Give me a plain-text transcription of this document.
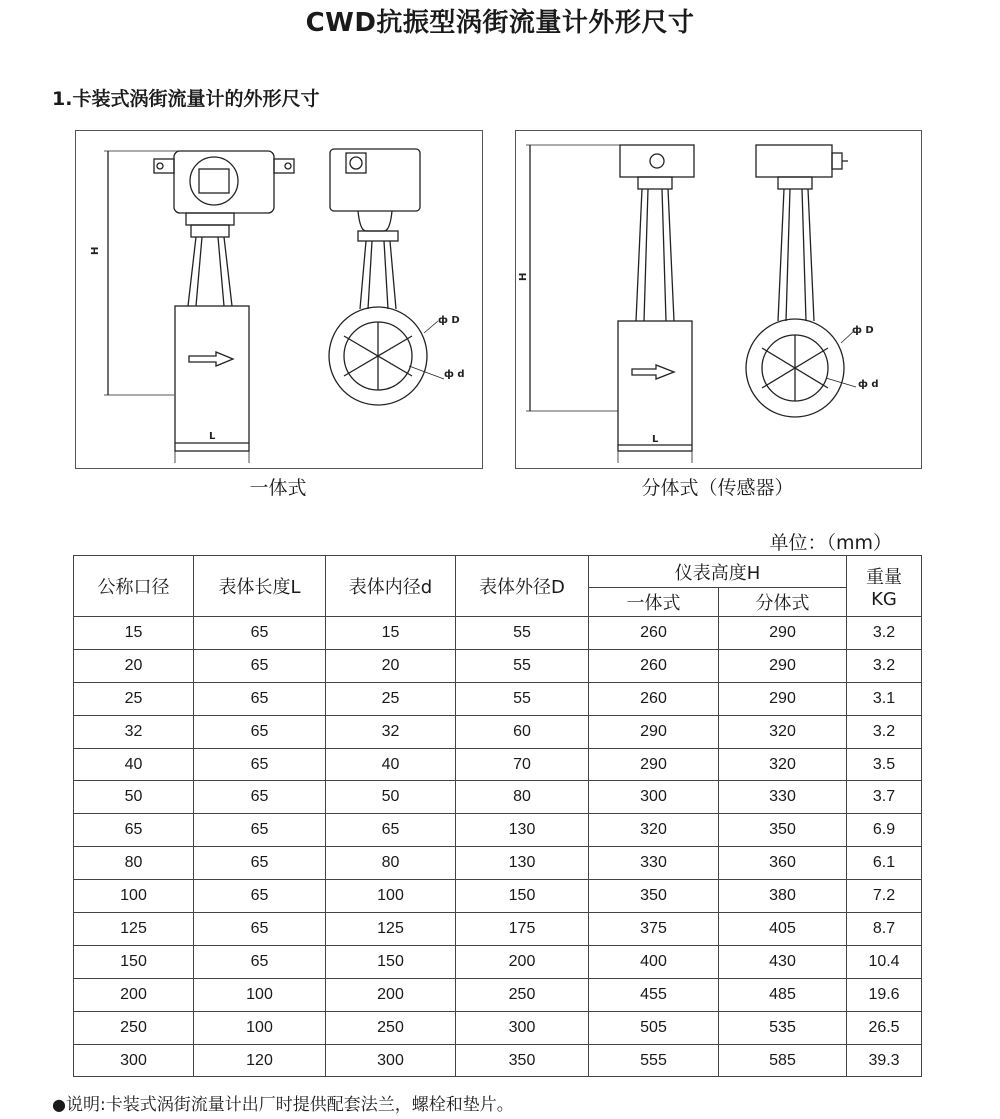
CWD抗振型涡街流量计外形尺寸
1.卡装式涡街流量计的外形尺寸
H
L
ф D
ф d
H
L
ф D
ф d
一体式	分体式（传感器）
单位：（mm）
公称口径	表体长度L	表体内径d	表体外径D	仪表高度H		重量
KG

				一体式	分体式	
15	65	15	55	260	290	3.2
20	65	20	55	260	290	3.2
25	65	25	55	260	290	3.1
32	65	32	60	290	320	3.2
40	65	40	70	290	320	3.5
50	65	50	80	300	330	3.7
65	65	65	130	320	350	6.9
80	65	80	130	330	360	6.1
100	65	100	150	350	380	7.2
125	65	125	175	375	405	8.7
150	65	150	200	400	430	10.4
200	100	200	250	455	485	19.6
250	100	250	300	505	535	26.5
300	120	300	350	555	585	39.3
●说明:卡装式涡街流量计出厂时提供配套法兰，螺栓和垫片。
